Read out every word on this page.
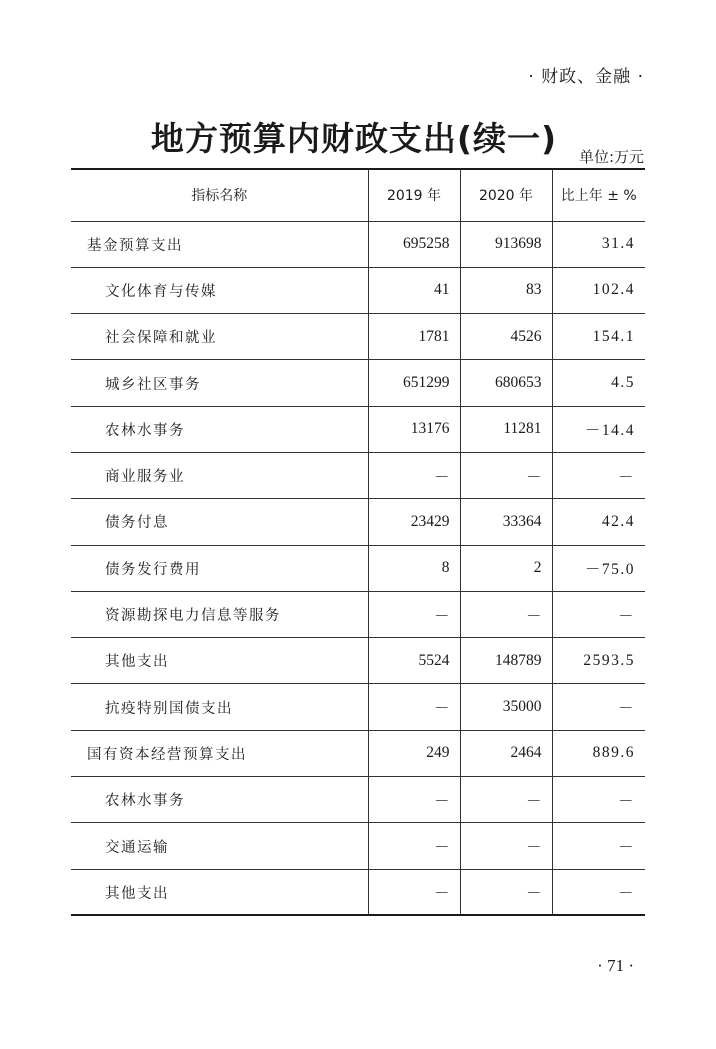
· 财政、金融 ·
地方预算内财政支出(续一)	单位:万元
指标名称	2019 年	2020 年	比上年 ± %
基金预算支出	695258	913698	31.4
文化体育与传媒	41	83	102.4
社会保障和就业	1781	4526	154.1
城乡社区事务	651299	680653	4.5
农林水事务	13176	11281	－14.4
商业服务业	－	－	－
债务付息	23429	33364	42.4
债务发行费用	8	2	－75.0
资源勘探电力信息等服务	－	－	－
其他支出	5524	148789	2593.5
抗疫特别国债支出	－	35000	－
国有资本经营预算支出	249	2464	889.6
农林水事务	－	－	－
交通运输	－	－	－
其他支出	－	－	－
· 71 ·
